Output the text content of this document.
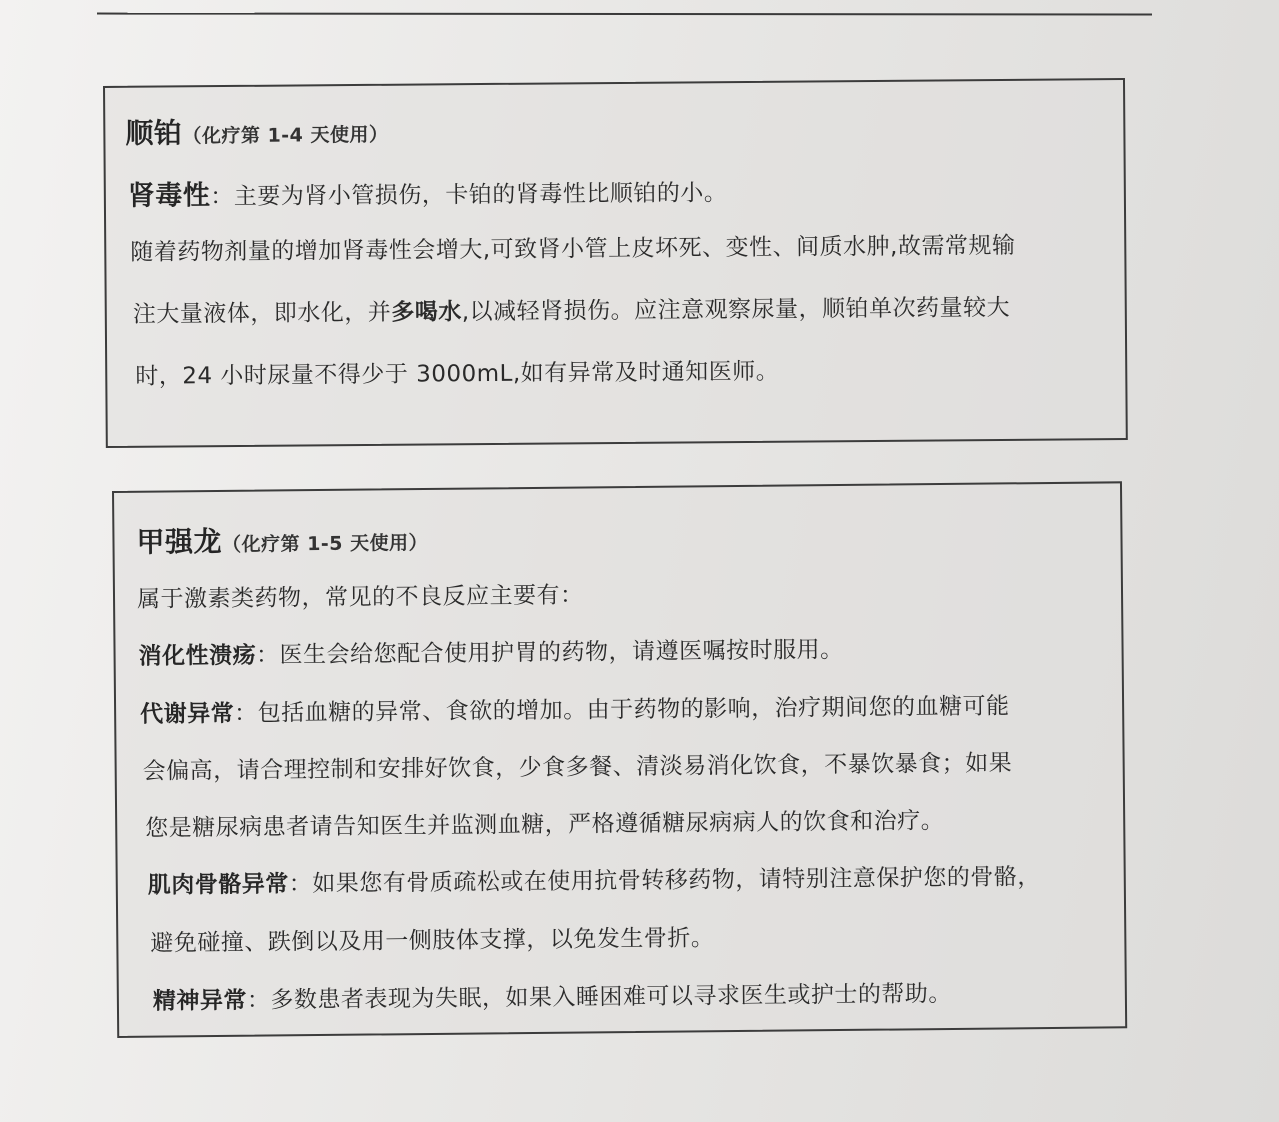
顺铂（化疗第 1-4 天使用）
肾毒性：主要为肾小管损伤，卡铂的肾毒性比顺铂的小。
随着药物剂量的增加肾毒性会增大,可致肾小管上皮坏死、变性、间质水肿,故需常规输
注大量液体，即水化，并多喝水,以减轻肾损伤。应注意观察尿量，顺铂单次药量较大
时，24 小时尿量不得少于 3000mL,如有异常及时通知医师。
甲强龙（化疗第 1-5 天使用）
属于激素类药物，常见的不良反应主要有：
消化性溃疡：医生会给您配合使用护胃的药物，请遵医嘱按时服用。
代谢异常：包括血糖的异常、食欲的增加。由于药物的影响，治疗期间您的血糖可能
会偏高，请合理控制和安排好饮食，少食多餐、清淡易消化饮食，不暴饮暴食；如果
您是糖尿病患者请告知医生并监测血糖，严格遵循糖尿病病人的饮食和治疗。
肌肉骨骼异常：如果您有骨质疏松或在使用抗骨转移药物，请特别注意保护您的骨骼，
避免碰撞、跌倒以及用一侧肢体支撑，以免发生骨折。
精神异常：多数患者表现为失眠，如果入睡困难可以寻求医生或护士的帮助。
